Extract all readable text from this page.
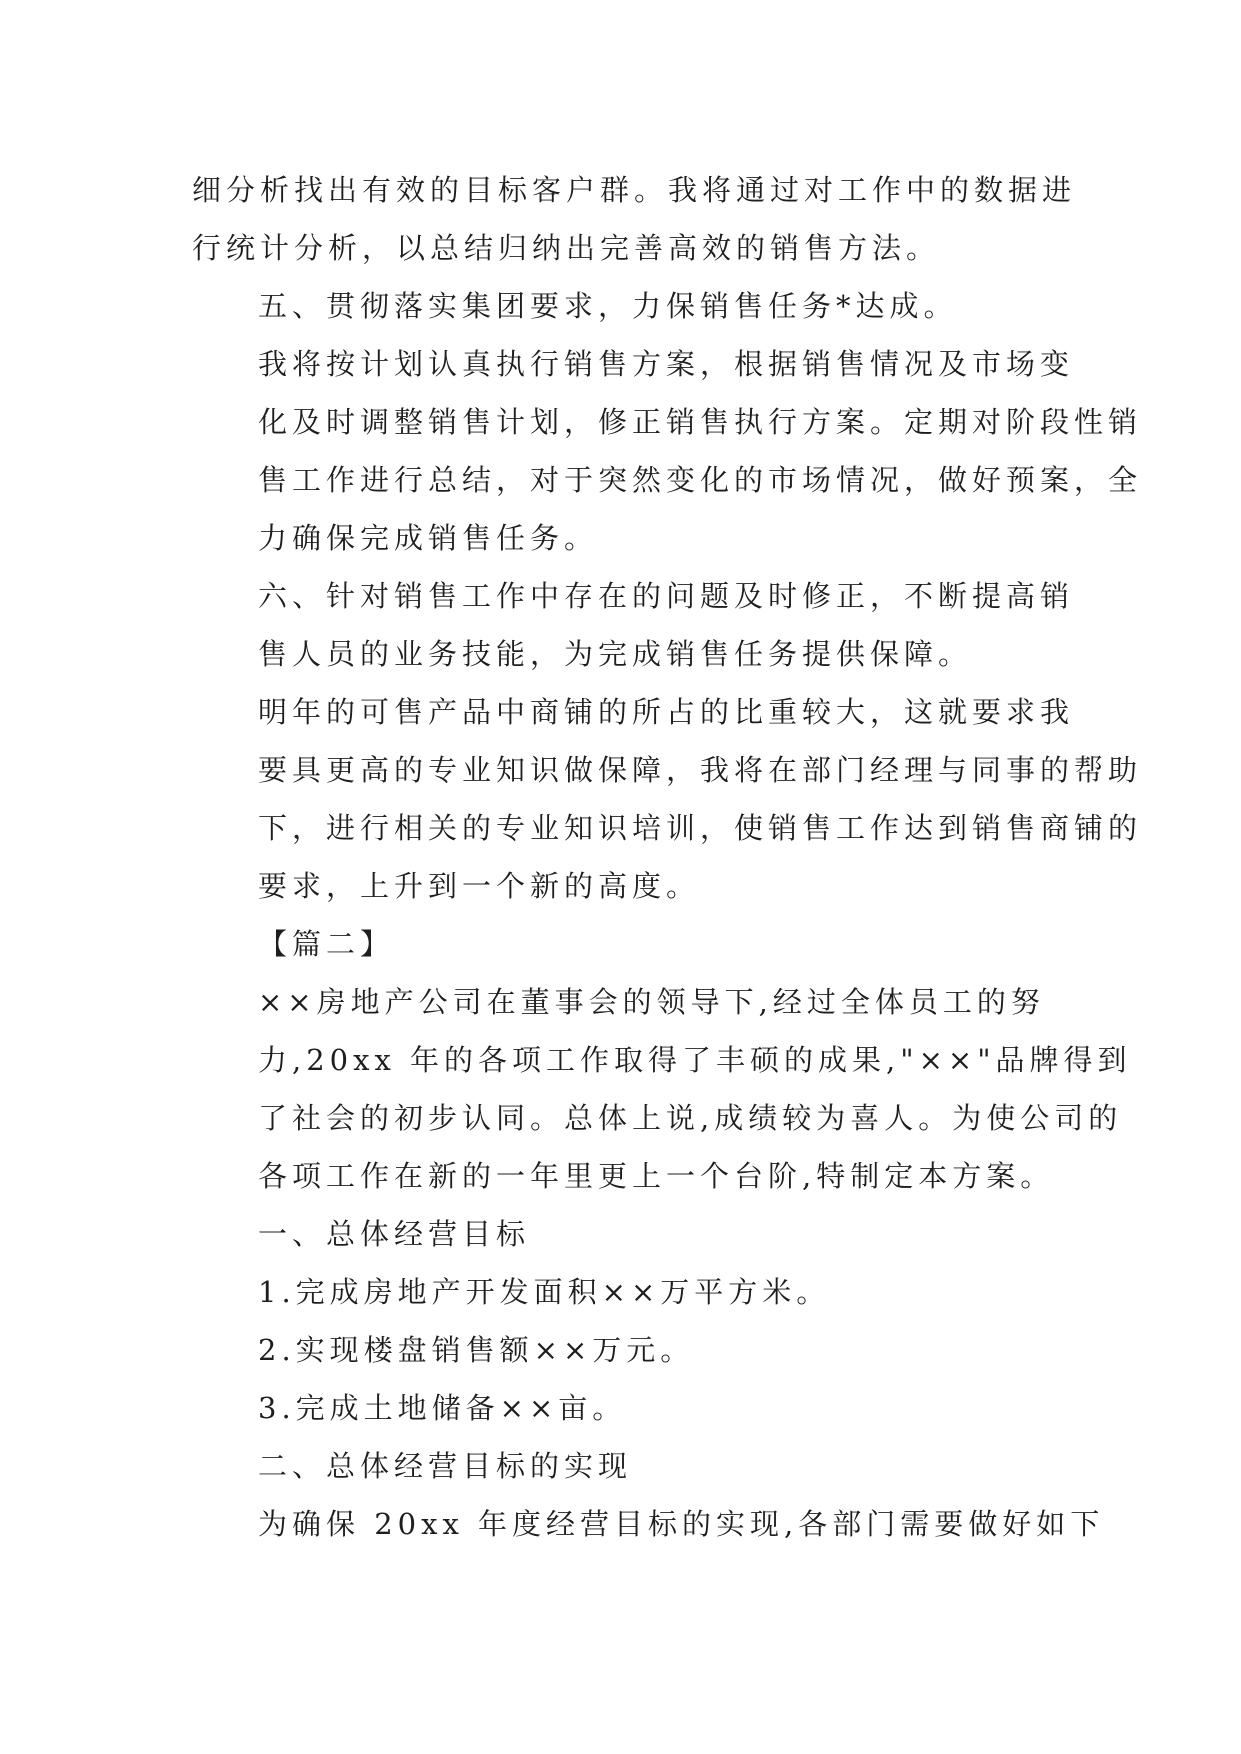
细分析找出有效的目标客户群。我将通过对工作中的数据进
行统计分析，以总结归纳出完善高效的销售方法。
五、贯彻落实集团要求，力保销售任务*达成。
我将按计划认真执行销售方案，根据销售情况及市场变
化及时调整销售计划，修正销售执行方案。定期对阶段性销
售工作进行总结，对于突然变化的市场情况，做好预案，全
力确保完成销售任务。
六、针对销售工作中存在的问题及时修正，不断提高销
售人员的业务技能，为完成销售任务提供保障。
明年的可售产品中商铺的所占的比重较大，这就要求我
要具更高的专业知识做保障，我将在部门经理与同事的帮助
下，进行相关的专业知识培训，使销售工作达到销售商铺的
要求，上升到一个新的高度。
【篇二】
××房地产公司在董事会的领导下,经过全体员工的努
力,20xx 年的各项工作取得了丰硕的成果,"××"品牌得到
了社会的初步认同。总体上说,成绩较为喜人。为使公司的
各项工作在新的一年里更上一个台阶,特制定本方案。
一、总体经营目标
1.完成房地产开发面积××万平方米。
2.实现楼盘销售额××万元。
3.完成土地储备××亩。
二、总体经营目标的实现
为确保 20xx 年度经营目标的实现,各部门需要做好如下
